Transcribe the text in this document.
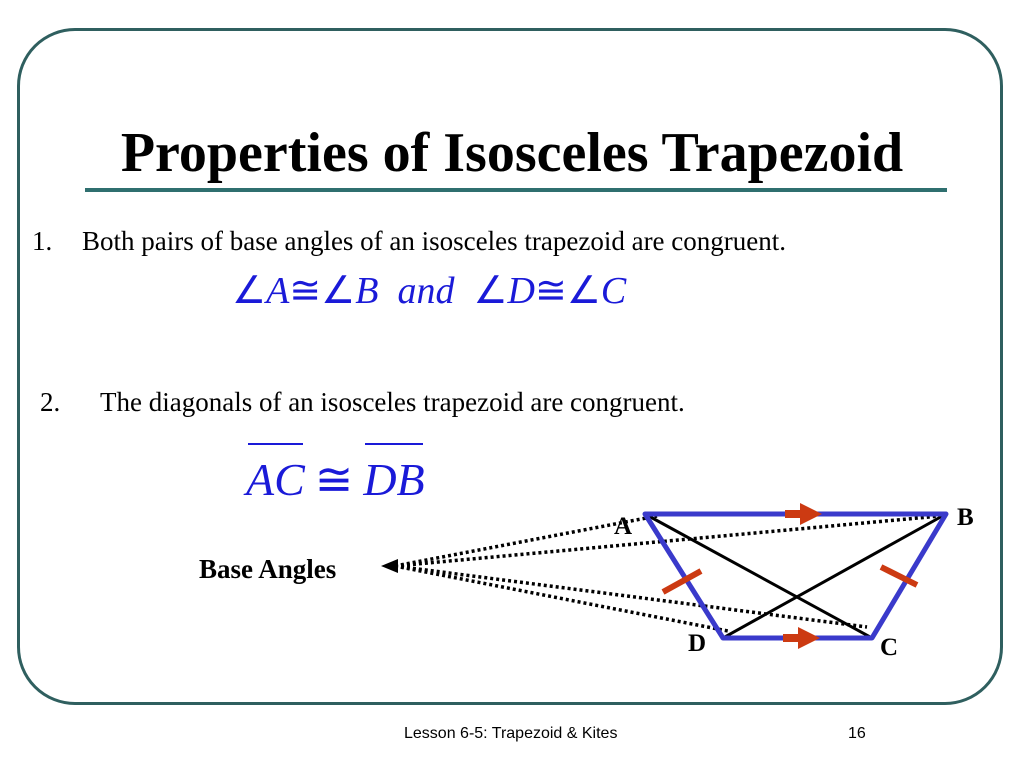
Properties of Isosceles Trapezoid
1. Both pairs of base angles of an isosceles trapezoid are congruent.
∠A≅∠B and ∠D≅∠C
2. The diagonals of an isosceles trapezoid are congruent.
AC ≅ DB
Base Angles
A	B
C
D
Lesson 6-5: Trapezoid & Kites	16
